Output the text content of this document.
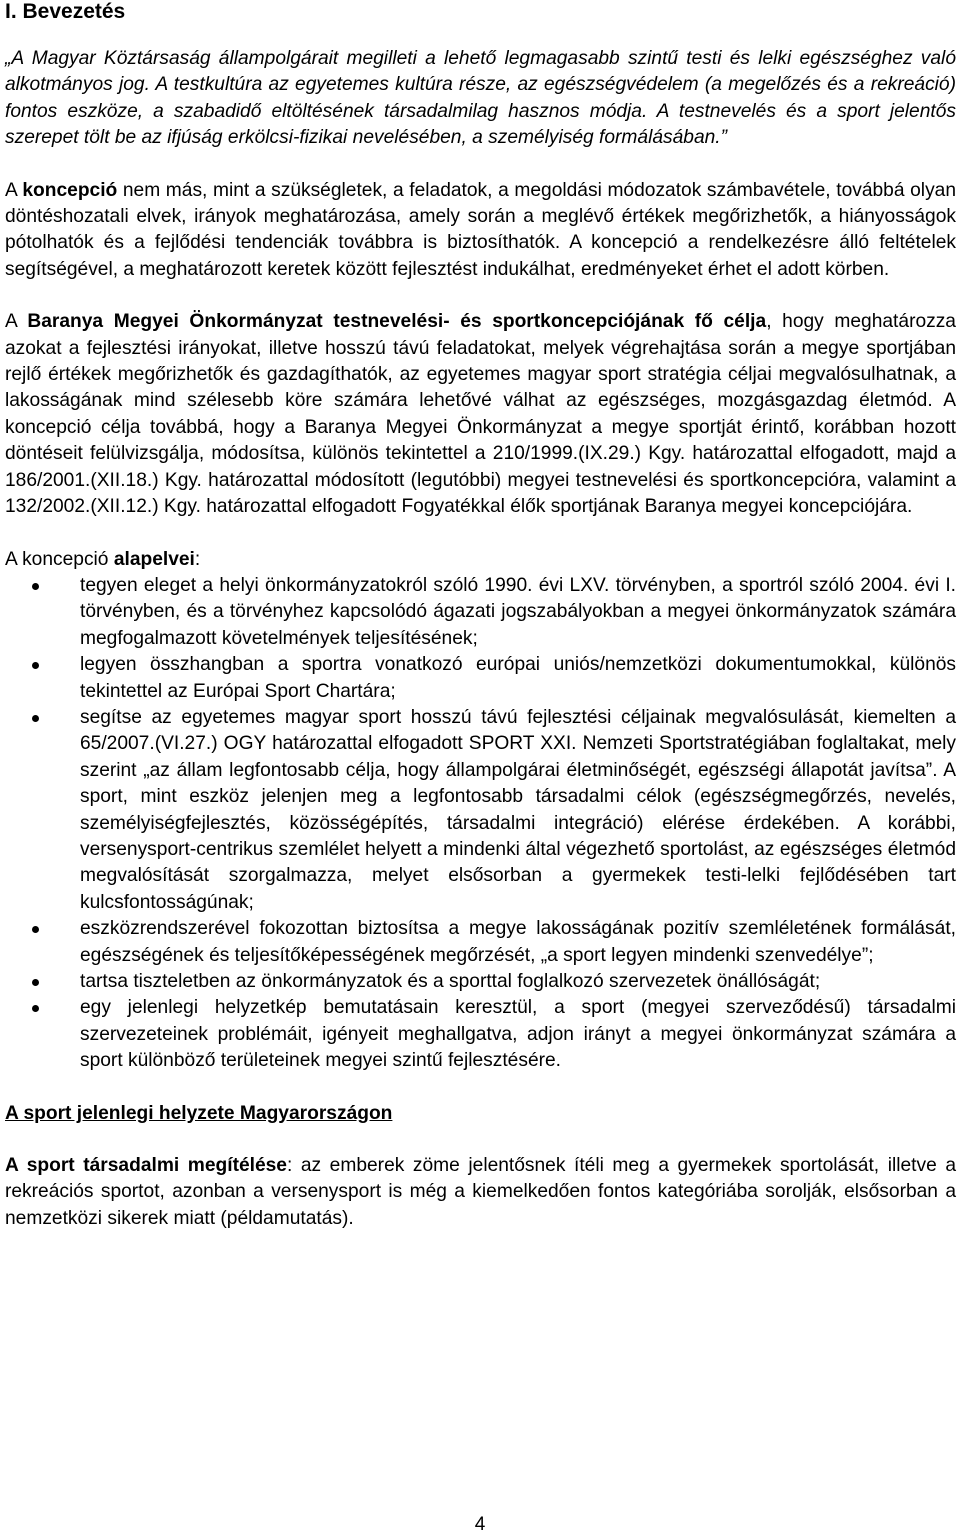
I. Bevezetés

„A Magyar Köztársaság állampolgárait megilleti a lehető legmagasabb szintű testi és lelki egészséghez való alkotmányos jog. A testkultúra az egyetemes kultúra része, az egészségvédelem (a megelőzés és a rekreáció) fontos eszköze, a szabadidő eltöltésének társadalmilag hasznos módja. A testnevelés és a sport jelentős szerepet tölt be az ifjúság erkölcsi-fizikai nevelésében, a személyiség formálásában.”

A koncepció nem más, mint a szükségletek, a feladatok, a megoldási módozatok számbavétele, továbbá olyan döntéshozatali elvek, irányok meghatározása, amely során a meglévő értékek megőrizhetők, a hiányosságok pótolhatók és a fejlődési tendenciák továbbra is biztosíthatók. A koncepció a rendelkezésre álló feltételek segítségével, a meghatározott keretek között fejlesztést indukálhat, eredményeket érhet el adott körben.

A Baranya Megyei Önkormányzat testnevelési- és sportkoncepciójának fő célja, hogy meghatározza azokat a fejlesztési irányokat, illetve hosszú távú feladatokat, melyek végrehajtása során a megye sportjában rejlő értékek megőrizhetők és gazdagíthatók, az egyetemes magyar sport stratégia céljai megvalósulhatnak, a lakosságának mind szélesebb köre számára lehetővé válhat az egészséges, mozgásgazdag életmód. A koncepció célja továbbá, hogy a Baranya Megyei Önkormányzat a megye sportját érintő, korábban hozott döntéseit felülvizsgálja, módosítsa, különös tekintettel a 210/1999.(IX.29.) Kgy. határozattal elfogadott, majd a 186/2001.(XII.18.) Kgy. határozattal módosított (legutóbbi) megyei testnevelési és sportkoncepcióra, valamint a 132/2002.(XII.12.) Kgy. határozattal elfogadott Fogyatékkal élők sportjának Baranya megyei koncepciójára.

A koncepció alapelvei:

tegyen eleget a helyi önkormányzatokról szóló 1990. évi LXV. törvényben, a sportról szóló 2004. évi I. törvényben, és a törvényhez kapcsolódó ágazati jogszabályokban a megyei önkormányzatok számára megfogalmazott követelmények teljesítésének;
legyen összhangban a sportra vonatkozó európai uniós/nemzetközi dokumentumokkal, különös tekintettel az Európai Sport Chartára;
segítse az egyetemes magyar sport hosszú távú fejlesztési céljainak megvalósulását, kiemelten a 65/2007.(VI.27.) OGY határozattal elfogadott SPORT XXI. Nemzeti Sportstratégiában foglaltakat, mely szerint „az állam legfontosabb célja, hogy állampolgárai életminőségét, egészségi állapotát javítsa”. A sport, mint eszköz jelenjen meg a legfontosabb társadalmi célok (egészségmegőrzés, nevelés, személyiségfejlesztés, közösségépítés, társadalmi integráció) elérése érdekében. A korábbi, versenysport-centrikus szemlélet helyett a mindenki által végezhető sportolást, az egészséges életmód megvalósítását szorgalmazza, melyet elsősorban a gyermekek testi-lelki fejlődésében tart kulcsfontosságúnak;
eszközrendszerével fokozottan biztosítsa a megye lakosságának pozitív szemléletének formálását, egészségének és teljesítőképességének megőrzését, „a sport legyen mindenki szenvedélye”;
tartsa tiszteletben az önkormányzatok és a sporttal foglalkozó szervezetek önállóságát;
egy jelenlegi helyzetkép bemutatásain keresztül, a sport (megyei szerveződésű) társadalmi szervezeteinek problémáit, igényeit meghallgatva, adjon irányt a megyei önkormányzat számára a sport különböző területeinek megyei szintű fejlesztésére.

A sport jelenlegi helyzete Magyarországon

A sport társadalmi megítélése: az emberek zöme jelentősnek ítéli meg a gyermekek sportolását, illetve a rekreációs sportot, azonban a versenysport is még a kiemelkedően fontos kategóriába sorolják, elsősorban a nemzetközi sikerek miatt (példamutatás).

4
